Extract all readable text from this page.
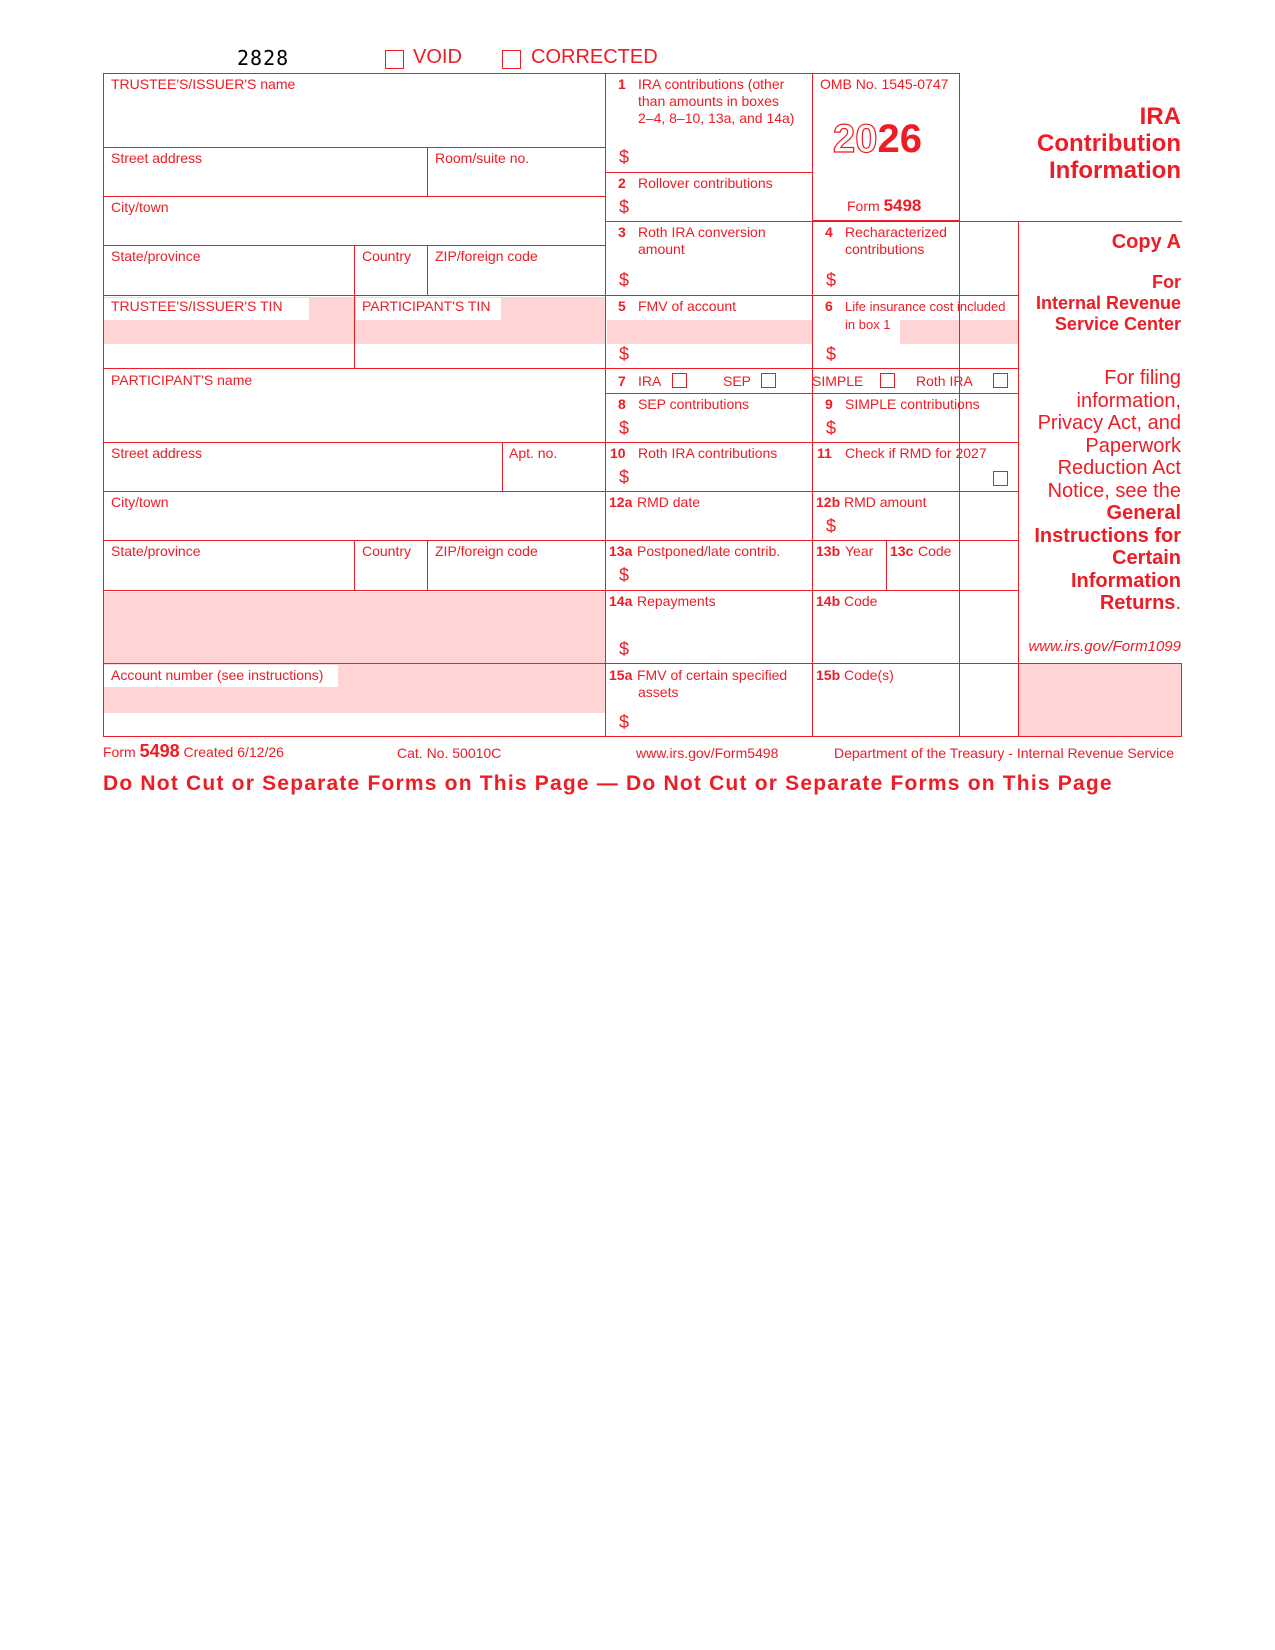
2828	VOID	CORRECTED
TRUSTEE'S/ISSUER'S name
Street address	Room/suite no.
City/town
State/province	Country ZIP/foreign code
TRUSTEE'S/ISSUER'S TIN	PARTICIPANT'S TIN
PARTICIPANT'S name
Street address	Apt. no.
City/town
State/province	Country ZIP/foreign code
Account number (see instructions)
1 IRA contributions (other
than amounts in boxes
2–4, 8–10, 13a, and 14a)
$
2 Rollover contributions
$
OMB No. 1545-0747
2026
Form 5498
IRA
Contribution
Information
3 Roth IRA conversion
amount
$
4 Recharacterized
contributions
$
Copy A
For
Internal Revenue
Service Center
For filing
information,
Privacy Act, and
Paperwork
Reduction Act
Notice, see the
General
Instructions for
Certain
Information
Returns.
www.irs.gov/Form1099
5 FMV of account
$
6 Life insurance cost included
in box 1
$
7 IRA	SEP	SIMPLE	Roth IRA
8 SEP contributions
$
9 SIMPLE contributions
$
10 Roth IRA contributions
$
11 Check if RMD for 2027
12a RMD date	12b RMD amount
$
13a Postponed/late contrib.
$
13b Year 13c Code
14a Repayments
$
14b Code
15a FMV of certain specified
assets
$
15b Code(s)
Form 5498 Created 6/12/26	Cat. No. 50010C	www.irs.gov/Form5498	Department of the Treasury - Internal Revenue Service
Do Not Cut or Separate Forms on This Page — Do Not Cut or Separate Forms on This Page
